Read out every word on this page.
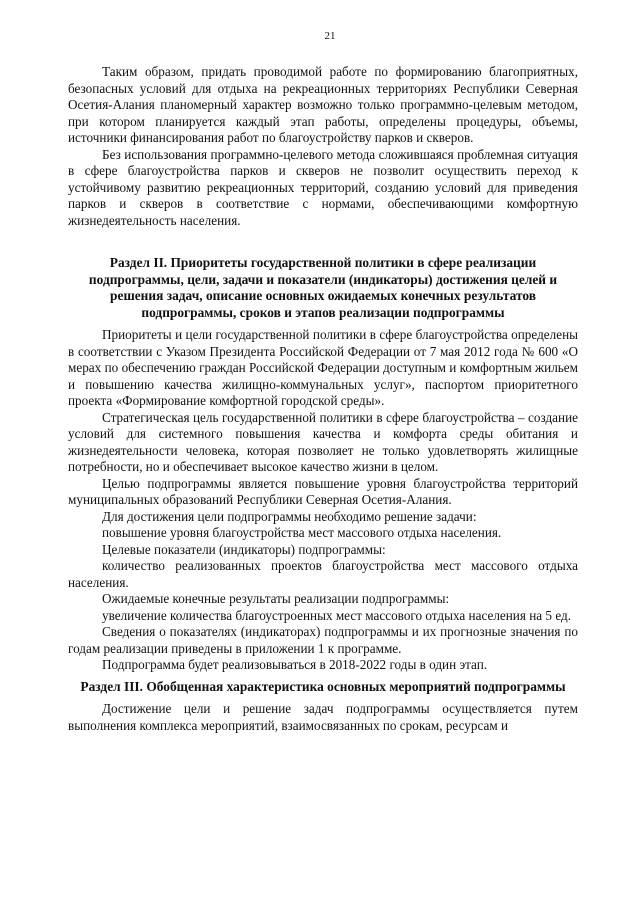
21

Таким образом, придать проводимой работе по формированию благоприятных, безопасных условий для отдыха на рекреационных территориях Республики Северная Осетия-Алания планомерный характер возможно только программно-целевым методом, при котором планируется каждый этап работы, определены процедуры, объемы, источники финансирования работ по благоустройству парков и скверов.

Без использования программно-целевого метода сложившаяся проблемная ситуация в сфере благоустройства парков и скверов не позволит осуществить переход к устойчивому развитию рекреационных территорий, созданию условий для приведения парков и скверов в соответствие с нормами, обеспечивающими комфортную жизнедеятельность населения.

Раздел II. Приоритеты государственной политики в сфере реализации подпрограммы, цели, задачи и показатели (индикаторы) достижения целей и решения задач, описание основных ожидаемых конечных результатов подпрограммы, сроков и этапов реализации подпрограммы

Приоритеты и цели государственной политики в сфере благоустройства определены в соответствии с Указом Президента Российской Федерации от 7 мая 2012 года № 600 «О мерах по обеспечению граждан Российской Федерации доступным и комфортным жильем и повышению качества жилищно-коммунальных услуг», паспортом приоритетного проекта «Формирование комфортной городской среды».

Стратегическая цель государственной политики в сфере благоустройства – создание условий для системного повышения качества и комфорта среды обитания и жизнедеятельности человека, которая позволяет не только удовлетворять жилищные потребности, но и обеспечивает высокое качество жизни в целом.

Целью подпрограммы является повышение уровня благоустройства территорий муниципальных образований Республики Северная Осетия-Алания.

Для достижения цели подпрограммы необходимо решение задачи:

повышение уровня благоустройства мест массового отдыха населения.

Целевые показатели (индикаторы) подпрограммы:

количество реализованных проектов благоустройства мест массового отдыха населения.

Ожидаемые конечные результаты реализации подпрограммы:

увеличение количества благоустроенных мест массового отдыха населения на 5 ед.

Сведения о показателях (индикаторах) подпрограммы и их прогнозные значения по годам реализации приведены в приложении 1 к программе.

Подпрограмма будет реализовываться в 2018-2022 годы в один этап.

Раздел III. Обобщенная характеристика основных мероприятий подпрограммы

Достижение цели и решение задач подпрограммы осуществляется путем выполнения комплекса мероприятий, взаимосвязанных по срокам, ресурсам и
